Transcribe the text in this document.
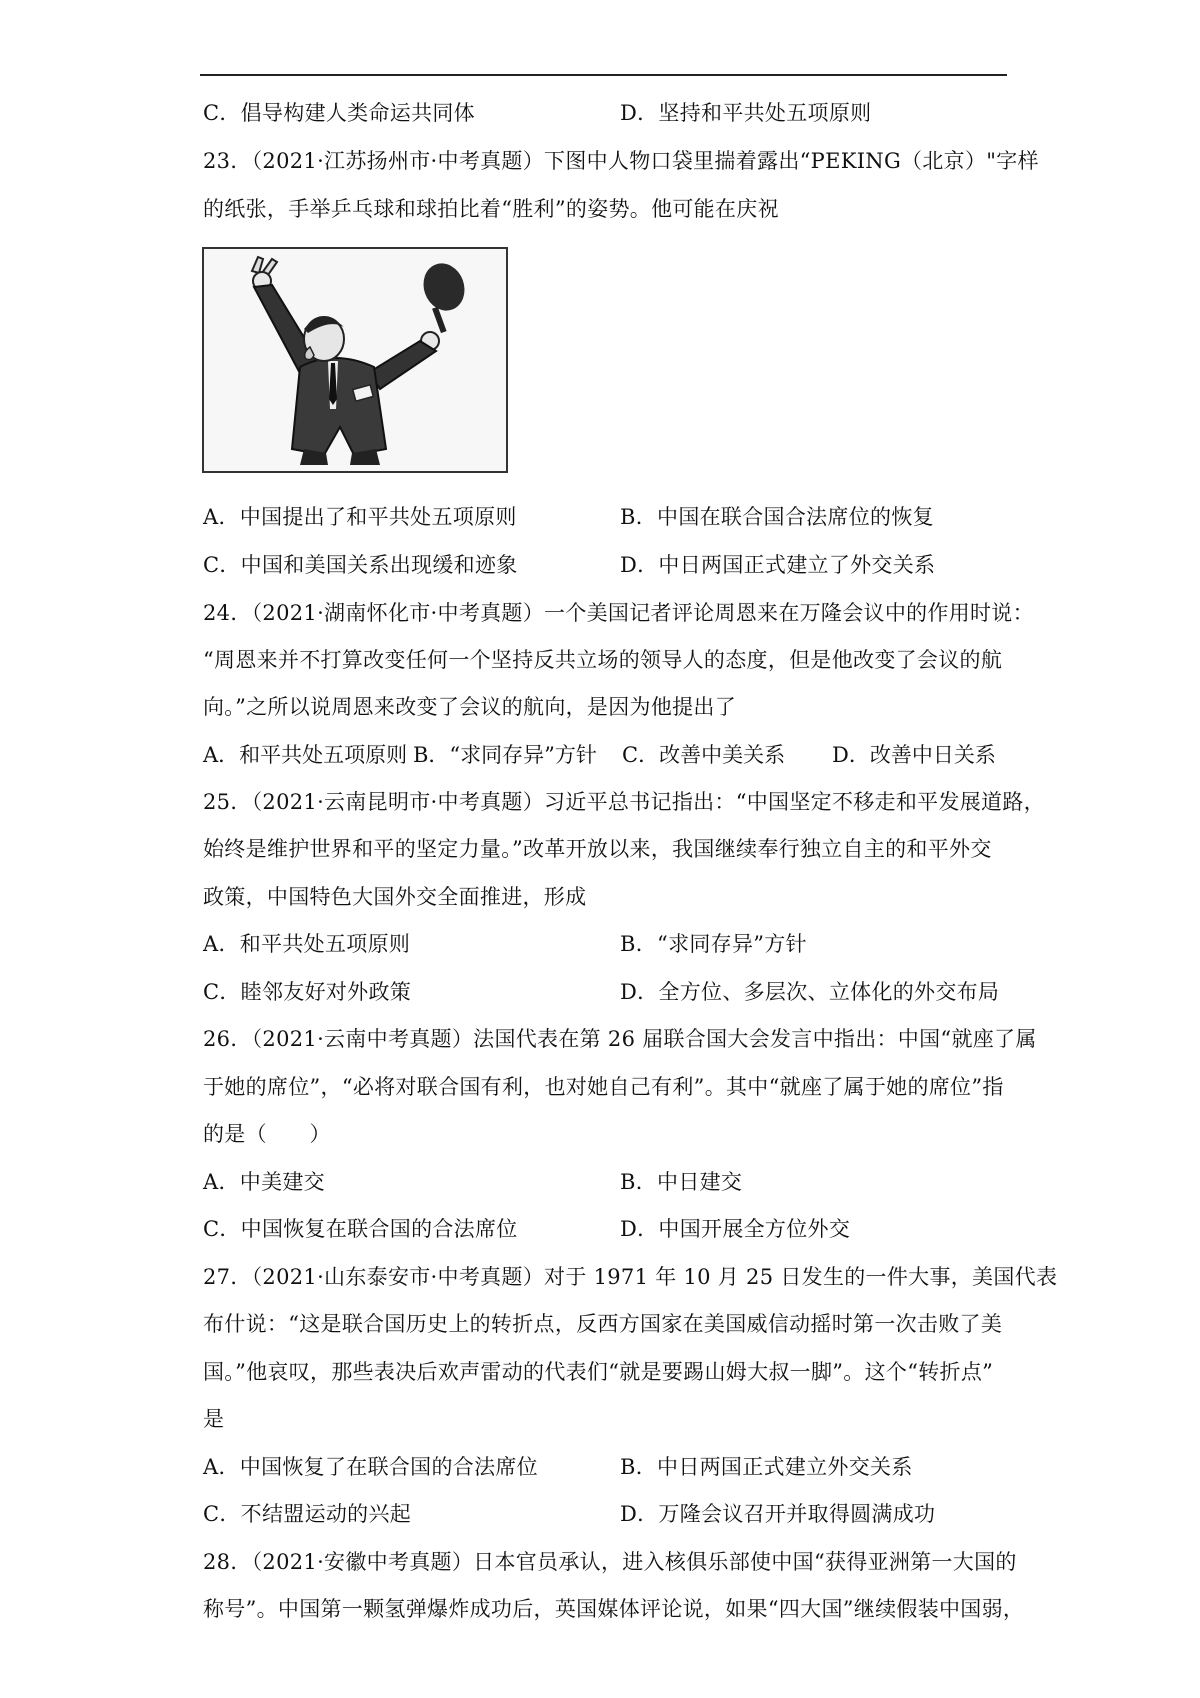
C．倡导构建人类命运共同体	D．坚持和平共处五项原则
23．（2021·江苏扬州市·中考真题）下图中人物口袋里揣着露出“PEKING（北京）"字样
的纸张，手举乒乓球和球拍比着“胜利”的姿势。他可能在庆祝
A．中国提出了和平共处五项原则	B．中国在联合国合法席位的恢复
C．中国和美国关系出现缓和迹象	D．中日两国正式建立了外交关系
24．（2021·湖南怀化市·中考真题）一个美国记者评论周恩来在万隆会议中的作用时说：
“周恩来并不打算改变任何一个坚持反共立场的领导人的态度，但是他改变了会议的航
向。”之所以说周恩来改变了会议的航向，是因为他提出了
A．和平共处五项原则 B．“求同存异”方针 C．改善中美关系 D．改善中日关系
25．（2021·云南昆明市·中考真题）习近平总书记指出：“中国坚定不移走和平发展道路，
始终是维护世界和平的坚定力量。”改革开放以来，我国继续奉行独立自主的和平外交
政策，中国特色大国外交全面推进，形成
A．和平共处五项原则	B．“求同存异”方针
C．睦邻友好对外政策	D．全方位、多层次、立体化的外交布局
26．（2021·云南中考真题）法国代表在第 26 届联合国大会发言中指出：中国“就座了属
于她的席位”，“必将对联合国有利，也对她自己有利”。其中“就座了属于她的席位”指
的是（　　）
A．中美建交	B．中日建交
C．中国恢复在联合国的合法席位	D．中国开展全方位外交
27．（2021·山东泰安市·中考真题）对于 1971 年 10 月 25 日发生的一件大事，美国代表
布什说：“这是联合国历史上的转折点，反西方国家在美国威信动摇时第一次击败了美
国。”他哀叹，那些表决后欢声雷动的代表们“就是要踢山姆大叔一脚”。这个“转折点”
是
A．中国恢复了在联合国的合法席位	B．中日两国正式建立外交关系
C．不结盟运动的兴起	D．万隆会议召开并取得圆满成功
28．（2021·安徽中考真题）日本官员承认，进入核俱乐部使中国“获得亚洲第一大国的
称号”。中国第一颗氢弹爆炸成功后，英国媒体评论说，如果“四大国”继续假装中国弱，
